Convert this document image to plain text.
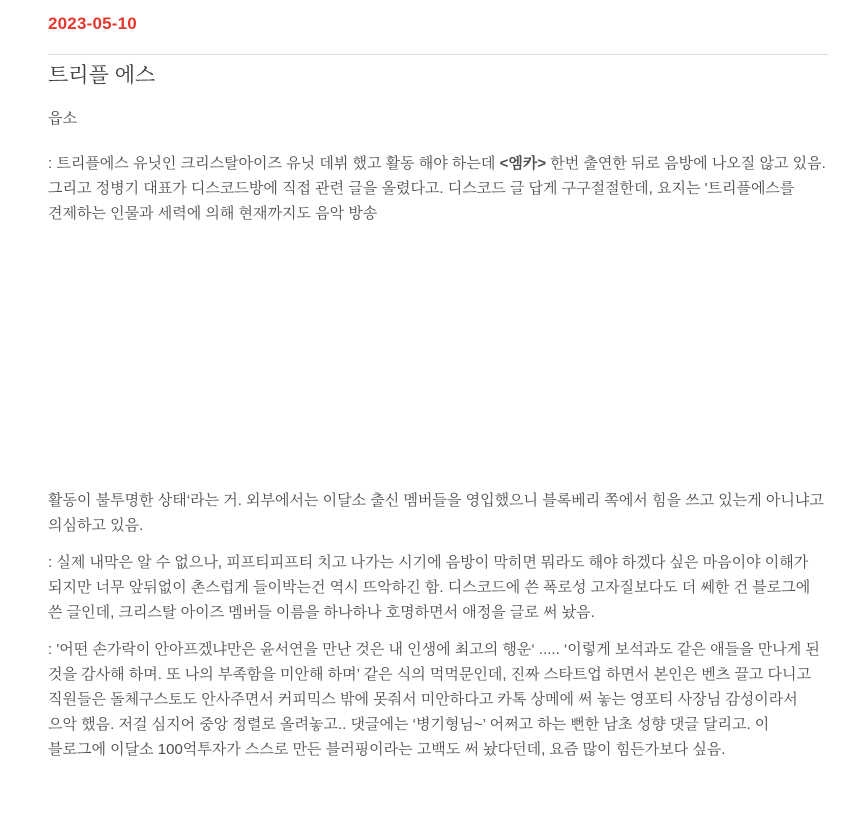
2023-05-10
트리플 에스

읍소

: 트리플에스 유닛인 크리스탈아이즈 유닛 데뷔 했고 활동 해야 하는데 <엠카> 한번 출연한 뒤로 음방에 나오질 않고 있음. 그리고 정병기 대표가 디스코드방에 직접 관련 글을 올렸다고. 디스코드 글 답게 구구절절한데, 요지는 '트리플에스를 견제하는 인물과 세력에 의해 현재까지도 음악 방송

활동이 불투명한 상태‘라는 거. 외부에서는 이달소 출신 멤버들을 영입했으니 블록베리 쪽에서 힘을 쓰고 있는게 아니냐고 의심하고 있음.

: 실제 내막은 알 수 없으나, 피프티피프티 치고 나가는 시기에 음방이 막히면 뭐라도 해야 하겠다 싶은 마음이야 이해가 되지만 너무 앞뒤없이 촌스럽게 들이박는건 역시 뜨악하긴 함. 디스코드에 쓴 폭로성 고자질보다도 더 쎄한 건 블로그에 쓴 글인데, 크리스탈 아이즈 멤버들 이름을 하나하나 호명하면서 애정을 글로 써 놨음.

: '어떤 손가락이 안아프겠냐만은 윤서연을 만난 것은 내 인생에 최고의 행운‘ ..... ‘이렇게 보석과도 같은 애들을 만나게 된 것을 감사해 하며. 또 나의 부족함을 미안해 하며’ 같은 식의 먹먹문인데, 진짜 스타트업 하면서 본인은 벤츠 끌고 다니고 직원들은 돌체구스토도 안사주면서 커피믹스 밖에 못줘서 미안하다고 카톡 상메에 써 놓는 영포티 사장님 감성이라서 으악 했음. 저걸 심지어 중앙 정렬로 올려놓고.. 댓글에는 ‘병기형님~’ 어쩌고 하는 뻔한 남초 성향 댓글 달리고. 이 블로그에 이달소 100억투자가 스스로 만든 블러핑이라는 고백도 써 놨다던데, 요즘 많이 힘든가보다 싶음.
